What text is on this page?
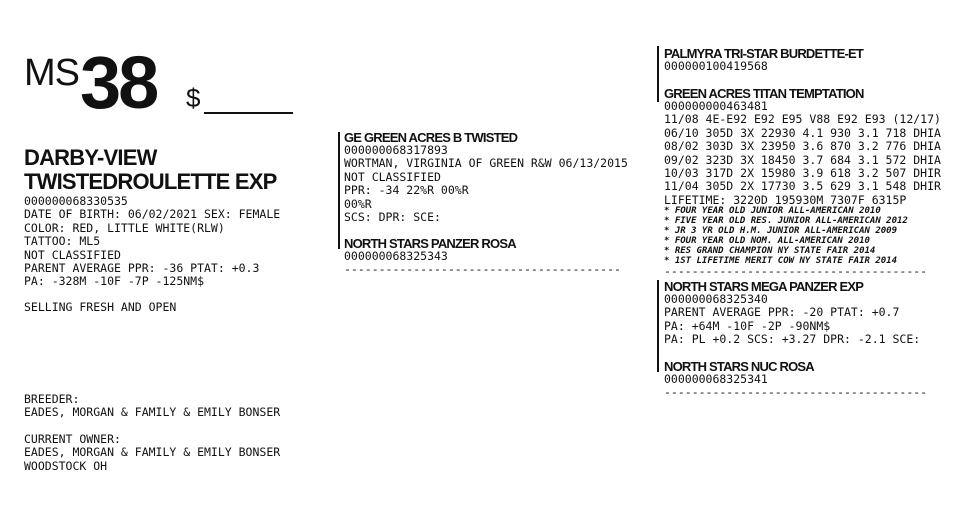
MS 38 $
DARBY-VIEW
TWISTEDROULETTE EXP
000000068330535
DATE OF BIRTH: 06/02/2021 SEX: FEMALE
COLOR: RED, LITTLE WHITE(RLW)
TATTOO: ML5
NOT CLASSIFIED
PARENT AVERAGE PPR: -36 PTAT: +0.3
PA: -328M -10F -7P -125NM$
SELLING FRESH AND OPEN
BREEDER:
EADES, MORGAN & FAMILY & EMILY BONSER
CURRENT OWNER:
EADES, MORGAN & FAMILY & EMILY BONSER
WOODSTOCK OH
GE GREEN ACRES B TWISTED
000000068317893
WORTMAN, VIRGINIA OF GREEN R&W 06/13/2015
NOT CLASSIFIED
PPR: -34 22%R 00%R
00%R
SCS: DPR: SCE:
NORTH STARS PANZER ROSA
000000068325343
----------------------------------------
PALMYRA TRI-STAR BURDETTE-ET
000000100419568
GREEN ACRES TITAN TEMPTATION
000000000463481
11/08 4E-E92 E92 E95 V88 E92 E93 (12/17)
06/10 305D 3X 22930 4.1 930 3.1 718 DHIA
08/02 303D 3X 23950 3.6 870 3.2 776 DHIA
09/02 323D 3X 18450 3.7 684 3.1 572 DHIA
10/03 317D 2X 15980 3.9 618 3.2 507 DHIR
11/04 305D 2X 17730 3.5 629 3.1 548 DHIR
LIFETIME: 3220D 195930M 7307F 6315P
* FOUR YEAR OLD JUNIOR ALL-AMERICAN 2010
* FIVE YEAR OLD RES. JUNIOR ALL-AMERICAN 2012
* JR 3 YR OLD H.M. JUNIOR ALL-AMERICAN 2009
* FOUR YEAR OLD NOM. ALL-AMERICAN 2010
* RES GRAND CHAMPION NY STATE FAIR 2014
* 1ST LIFETIME MERIT COW NY STATE FAIR 2014
--------------------------------------
NORTH STARS MEGA PANZER EXP
000000068325340
PARENT AVERAGE PPR: -20 PTAT: +0.7
PA: +64M -10F -2P -90NM$
PA: PL +0.2 SCS: +3.27 DPR: -2.1 SCE:
NORTH STARS NUC ROSA
000000068325341
--------------------------------------
